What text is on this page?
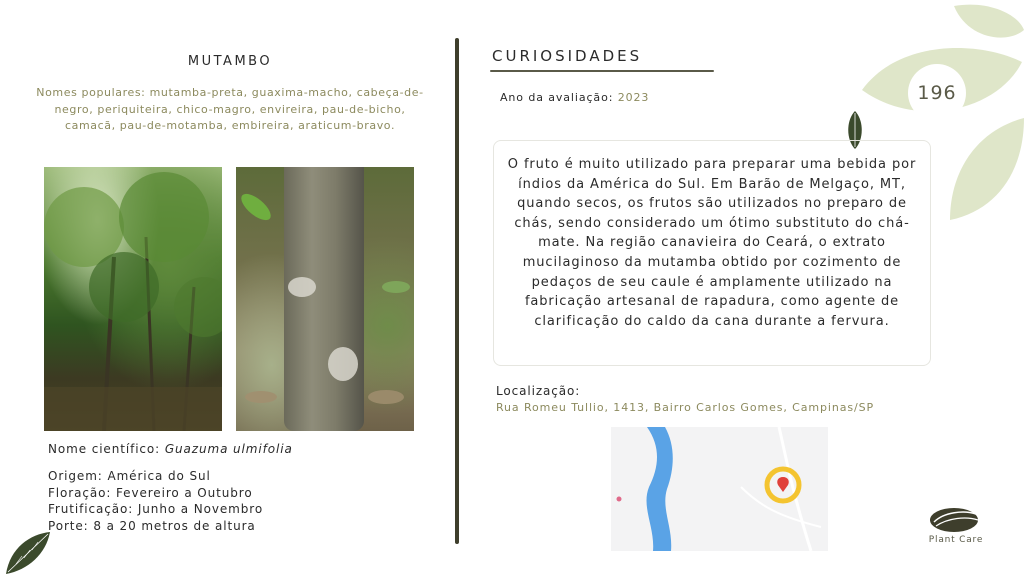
MUTAMBO
Nomes populares: mutamba-preta, guaxima-macho, cabeça-de-negro, periquiteira, chico-magro, envireira, pau-de-bicho, camacã, pau-de-motamba, embireira, araticum-bravo.
Nome científico: Guazuma ulmifolia
Origem: América do Sul
Floração: Fevereiro a Outubro
Frutificação: Junho a Novembro
Porte: 8 a 20 metros de altura
CURIOSIDADES
Ano da avaliação: 2023	196
O fruto é muito utilizado para preparar uma bebida por índios da América do Sul. Em Barão de Melgaço, MT, quando secos, os frutos são utilizados no preparo de chás, sendo considerado um ótimo substituto do chá-mate. Na região canavieira do Ceará, o extrato mucilaginoso da mutamba obtido por cozimento de pedaços de seu caule é amplamente utilizado na fabricação artesanal de rapadura, como agente de clarificação do caldo da cana durante a fervura.
Localização:
Rua Romeu Tullio, 1413, Bairro Carlos Gomes, Campinas/SP
Plant Care
